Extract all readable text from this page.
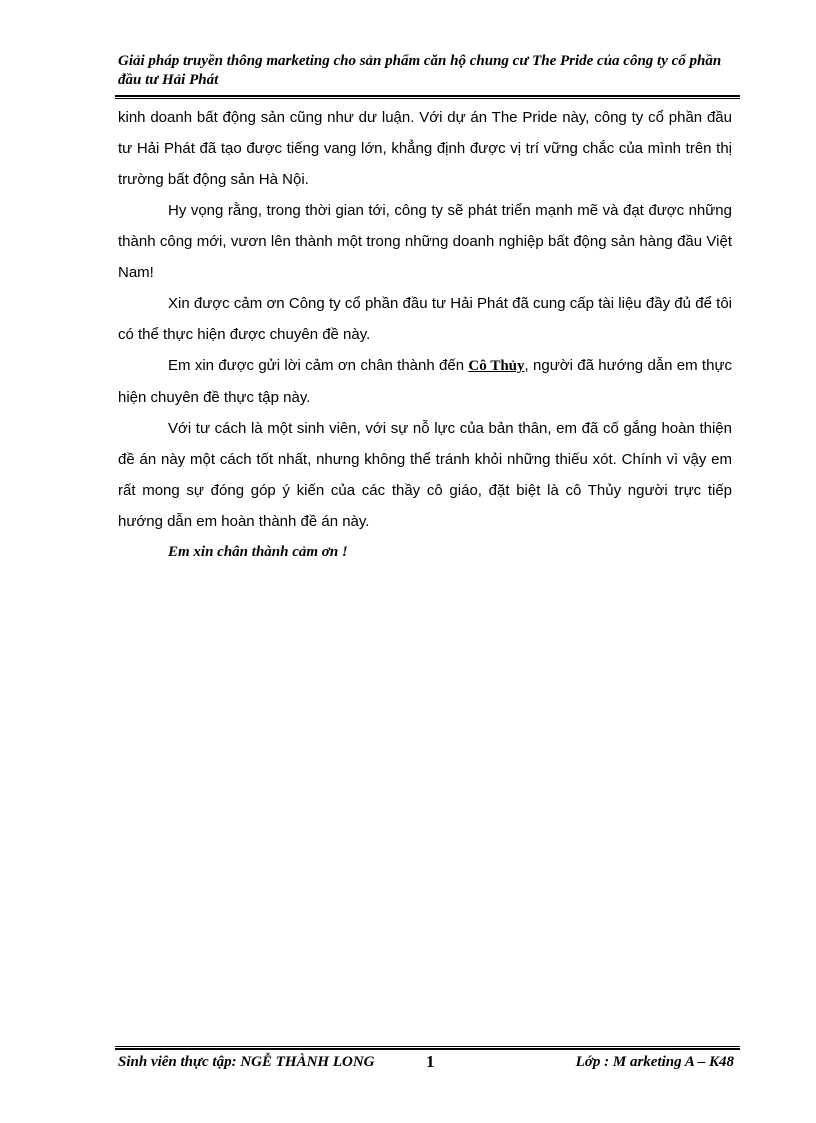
Giải pháp truyền thông marketing cho sản phẩm căn hộ chung cư The Pride của công ty cổ phần đầu tư Hải Phát

kinh doanh bất động sản cũng như dư luận. Với dự án The Pride này, công ty cổ phần đầu tư Hải Phát đã tạo được tiếng vang lớn, khẳng định được vị trí vững chắc của mình trên thị trường bất động sản Hà Nội.

Hy vọng rằng, trong thời gian tới, công ty sẽ phát triển mạnh mẽ và đạt được những thành công mới, vươn lên thành một trong những doanh nghiệp bất động sản hàng đầu Việt Nam!

Xin được cảm ơn Công ty cổ phần đầu tư Hải Phát đã cung cấp tài liệu đầy đủ để tôi có thể thực hiện được chuyên đề này.

Em xin được gửi lời cảm ơn chân thành đến Cô Thủy, người đã hướng dẫn em thực hiện chuyên đề thực tập này.

Với tư cách là một sinh viên, với sự nỗ lực của bản thân, em đã cố gắng hoàn thiện đề án này một cách tốt nhất, nhưng không thể tránh khỏi những thiếu xót. Chính vì vậy em rất mong sự đóng góp ý kiến của các thầy cô giáo, đặt biệt là cô Thủy người trực tiếp hướng dẫn em hoàn thành đề án này.

Em xin chân thành cảm ơn !

Sinh viên thực tập: NGỄ THÀNH LONG	1	Lớp : M arketing A – K48
